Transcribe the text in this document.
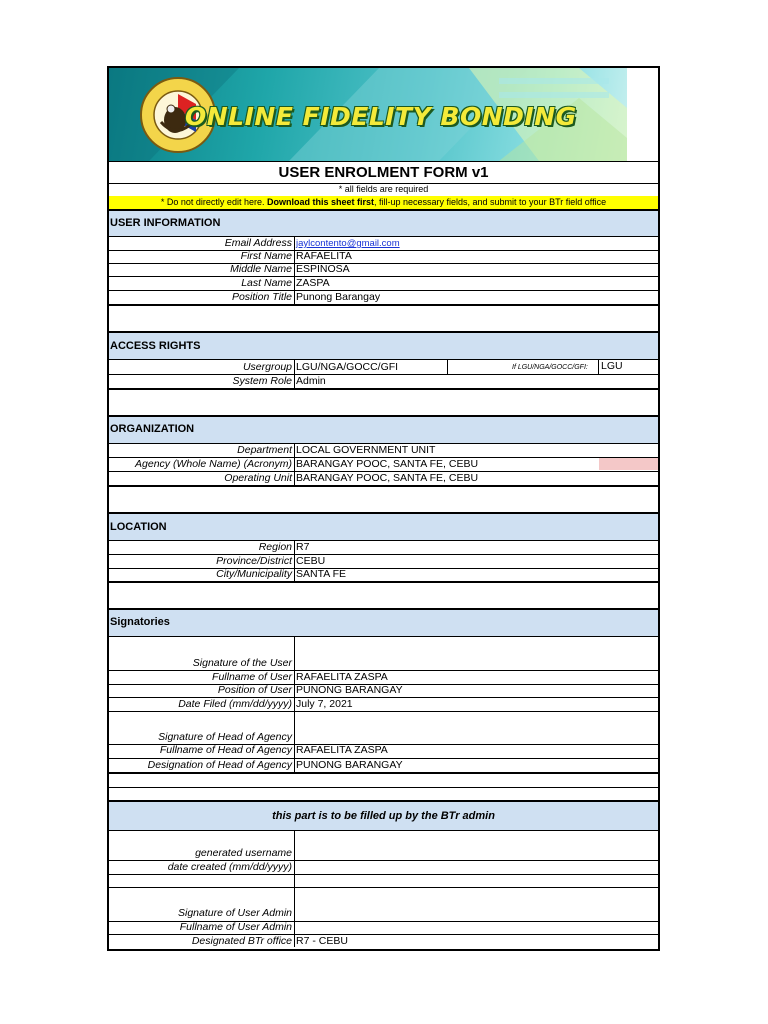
ONLINE FIDELITY BONDING
USER ENROLMENT FORM v1
* all fields are required
* Do not directly edit here. Download this sheet first, fill-up necessary fields, and submit to your BTr field office
USER INFORMATION
Email Address jaylcontento@gmail.com
First Name RAFAELITA
Middle Name ESPINOSA
Last Name ZASPA
Position Title Punong Barangay
ACCESS RIGHTS
Usergroup LGU/NGA/GOCC/GFI	If LGU/NGA/GOCC/GFI: LGU
System Role Admin
ORGANIZATION
Department LOCAL GOVERNMENT UNIT
Agency (Whole Name) (Acronym) BARANGAY POOC, SANTA FE, CEBU
Operating Unit BARANGAY POOC, SANTA FE, CEBU
LOCATION
Region R7
Province/District CEBU
City/Municipality SANTA FE
Signatories
Signature of the User
Fullname of User RAFAELITA ZASPA
Position of User PUNONG BARANGAY
Date Filed (mm/dd/yyyy) July 7, 2021
Signature of Head of Agency
Fullname of Head of Agency RAFAELITA ZASPA
Designation of Head of Agency PUNONG BARANGAY
this part is to be filled up by the BTr admin
generated username
date created (mm/dd/yyyy)
Signature of User Admin
Fullname of User Admin
Designated BTr office R7 - CEBU
